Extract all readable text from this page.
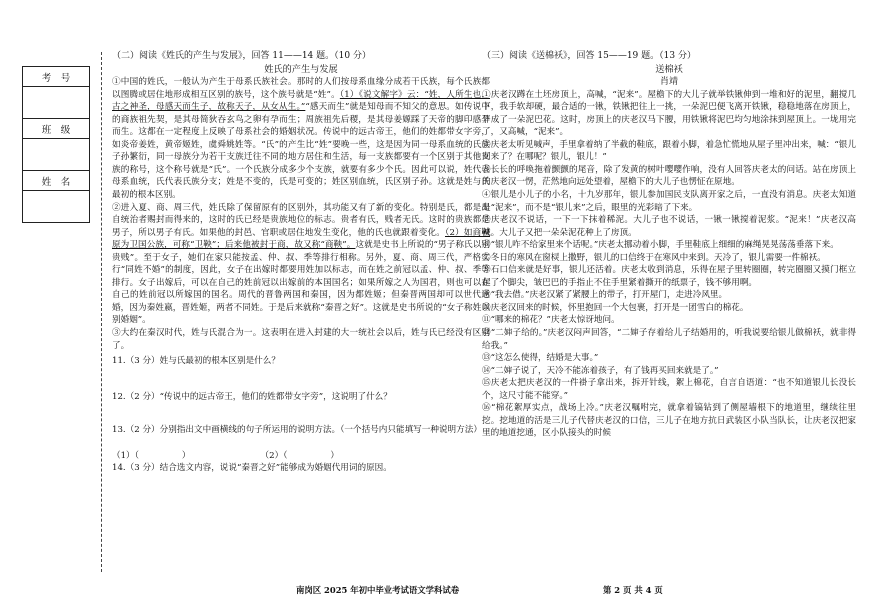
考　号

班　级

姓　名

（二）阅读《姓氏的产生与发展》，回答 11——14 题。（10 分）

姓氏的产生与发展

①中国的姓氏，一般认为产生于母系氏族社会。那时的人们按母系血缘分成若干氏族，每个氏族都以图腾或居住地形成相互区别的族号，这个族号就是“姓”。（1）《说文解字》云：“姓，人所生也，古之神圣，母感天而生子，故称天子，从女从生。”“感天而生”就是知母而不知父的意思。如传说中的商族祖先契，是其母简狄吞玄鸟之卵有孕而生；周族祖先后稷，是其母姜嫄踩了天帝的脚印感孕而生。这都在一定程度上反映了母系社会的婚姻状况。传说中的远古帝王，他们的姓都带女字旁，如炎帝姜姓，黄帝姬姓，虞舜姚姓等。“氏”的产生比“姓”要晚一些，这是因为同一母系血统的氏族子孙繁衍，同一母族分为若干支族迁往不同的地方居住和生活，每一支族都要有一个区别于其他支族的称号，这个称号就是“氏”。一个氏族分成多少个支族，就要有多少个氏。因此可以说，姓代表母系血统，氏代表氏族分支；姓是不变的，氏是可变的；姓区别血统，氏区别子孙。这就是姓与氏最初的根本区别。

②进入夏、商、周三代，姓氏除了保留原有的区别外，其功能又有了新的变化。特别是氏，都是出自统治者赐封而得来的，这时的氏已经是贵族地位的标志。贵者有氏，贱者无氏。这时的贵族都是男子，所以男子有氏。如果他的封邑、官职或居住地发生变化，他的氏也就跟着变化。（2）如商鞅原为卫国公族，可称“卫鞅”；后来他被封于商，故又称“商鞅”。这就是史书上所说的“男子称氏以别贵贱”。至于女子，她们在家只能按孟、仲、叔、季等排行相称。另外，夏、商、周三代，严格实行“同姓不婚”的制度，因此，女子在出嫁时都要用姓加以标志，而在姓之前冠以孟、仲、叔、季等排行。女子出嫁后，可以在自己的姓前冠以出嫁前的本国国名；如果所嫁之人为国君，则也可以在自己的姓前冠以所嫁国的国名。周代的晋鲁两国和秦国，因为都姓姬；但秦晋两国却可以世代通婚，因为秦姓嬴，晋姓姬，两者不同姓。于是后来就称“秦晋之好”。这就是史书所说的“女子称姓以别婚姻”。

③大约在秦汉时代，姓与氏混合为一。这表明在进入封建的大一统社会以后，姓与氏已经没有区别了。

11.（3 分）姓与氏最初的根本区别是什么？

12.（2 分）“传说中的远古帝王，他们的姓都带女字旁”，这说明了什么？

13.（2 分）分别指出文中画横线的句子所运用的说明方法。（一个括号内只能填写一种说明方法）

（1）（　　　　　）	（2）（　　　　　）

14.（3 分）结合选文内容，说说“秦晋之好”能够成为婚姻代用词的原因。

（三）阅读《送棉袄》，回答 15——19 题。（13 分）

送棉袄

肖靖

①庆老汉蹲在土坯房顶上，高喊，“泥来”。屋檐下的大儿子就举铁锹伸到一堆和好的泥里，翻搅几下，我手软却硬，最合适的一锹，铁锹把往上一挑，一朵泥巴便飞离开铁锹，稳稳地落在房顶上，开成了一朵泥巴花。这时，房顶上的庆老汉马下腰，用铁锹将泥巴均匀地涂抹到屋顶上。一垅用完了，又高喊，“泥来”。

②庆老太听见喊声，手里拿着纳了半截的鞋底，跟着小脚，着急忙慌地从屋子里冲出来，喊：“银儿回来了？在哪呢？银儿，银儿！”

③长长的呼唤拖着颤颤的尾音，除了发黄的树叶嘤嘤作响，没有人回答庆老太的问话。站在房顶上的庆老汉一愣，茫然地向远处望着，屋檐下的大儿子也愣怔在原地。

④银儿是小儿子的小名，十九岁那年，银儿参加国民支队离开家之后，一直没有消息。庆老太知道是“泥来”，而不是“银儿来”之后，眼里的光彩暗了下来。

⑤庆老汉不说话，一下一下抹着稀泥。大儿子也不说话，一锹一锹搅着泥浆。“泥来！”庆老汉高喊。大儿子又把一朵朵泥花种上了房顶。

⑥“银儿咋不给家里来个话呢。”庆老太挪动着小脚，手里鞋底上细细的麻绳晃晃荡荡垂落下来。

⑦冬日的寒风在窗棂上撒野，银儿的口信终于在寒风中来到。天冷了，银儿需要一件棉袄。

⑧石口信来就是好事，银儿还活着。庆老太收到消息，乐得在屋子里转圈圈，转完圈圈又摸门框立起了个脚尖，皱巴巴的手指止不住手里紧着撕开的纸票子，钱不够用啊。

⑨“我去借。”庆老汉紧了紧腰上的带子，打开屋门，走进冷风里。

⑩庆老汉回来的时候，怀里抱回一个大包裹，打开是一团雪白的棉花。

⑪“哪来的棉花？”庆老太惊讶地问。

⑫“二婶子给的。”庆老汉闷声回答，“二婶子存着给儿子结婚用的，听我说要给银儿做棉袄，就非得给我。”

⑬“这怎么使得，结婚是大事。”

⑭“二婶子说了，天冷不能冻着孩子，有了钱再买回来就是了。”

⑮庆老太把庆老汉的一件褂子拿出来，拆开针线，絮上棉花，自言自语道：“也不知道银儿长没长个，这尺寸能不能穿。”

⑯“棉花絮厚实点，战场上冷。”庆老汉嘱咐完，就拿着镐钻到了侧屋墙根下的地道里，继续往里挖。挖地道的活是三儿子代替庆老汉的口信，三儿子在地方抗日武装区小队当队长，让庆老汉把家里的地道挖通，区小队接头的时候

南岗区 2025 年初中毕业考试语文学科试卷	第 2 页 共 4 页
